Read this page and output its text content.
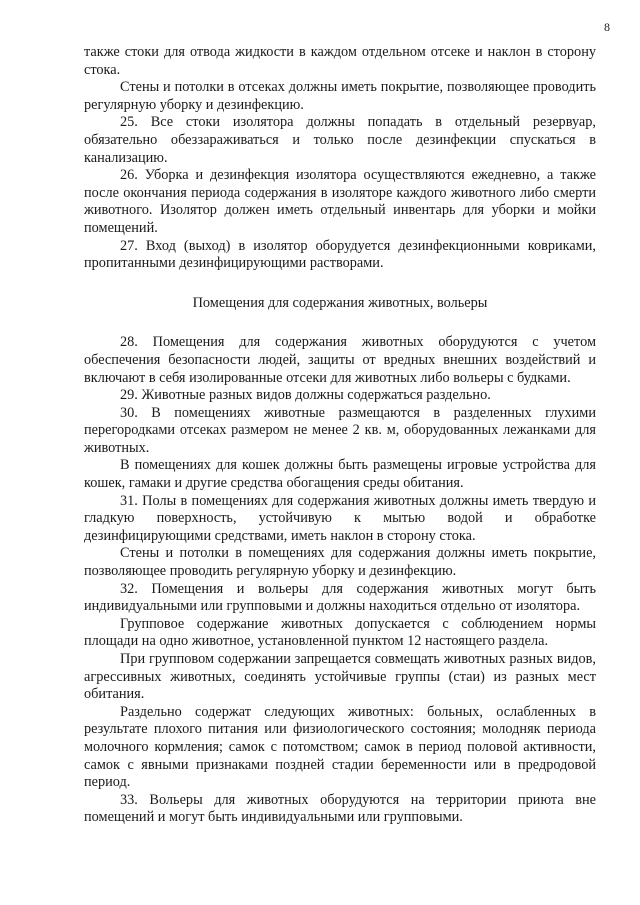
8

также стоки для отвода жидкости в каждом отдельном отсеке и наклон в сторону стока.

Стены и потолки в отсеках должны иметь покрытие, позволяющее проводить регулярную уборку и дезинфекцию.

25. Все стоки изолятора должны попадать в отдельный резервуар, обязательно обеззараживаться и только после дезинфекции спускаться в канализацию.

26. Уборка и дезинфекция изолятора осуществляются ежедневно, а также после окончания периода содержания в изоляторе каждого животного либо смерти животного. Изолятор должен иметь отдельный инвентарь для уборки и мойки помещений.

27. Вход (выход) в изолятор оборудуется дезинфекционными ковриками, пропитанными дезинфицирующими растворами.

Помещения для содержания животных, вольеры

28. Помещения для содержания животных оборудуются с учетом обеспечения безопасности людей, защиты от вредных внешних воздействий и включают в себя изолированные отсеки для животных либо вольеры с будками.

29. Животные разных видов должны содержаться раздельно.

30. В помещениях животные размещаются в разделенных глухими перегородками отсеках размером не менее 2 кв. м, оборудованных лежанками для животных.

В помещениях для кошек должны быть размещены игровые устройства для кошек, гамаки и другие средства обогащения среды обитания.

31. Полы в помещениях для содержания животных должны иметь твердую и гладкую поверхность, устойчивую к мытью водой и обработке дезинфицирующими средствами, иметь наклон в сторону стока.

Стены и потолки в помещениях для содержания должны иметь покрытие, позволяющее проводить регулярную уборку и дезинфекцию.

32. Помещения и вольеры для содержания животных могут быть индивидуальными или групповыми и должны находиться отдельно от изолятора.

Групповое содержание животных допускается с соблюдением нормы площади на одно животное, установленной пунктом 12 настоящего раздела.

При групповом содержании запрещается совмещать животных разных видов, агрессивных животных, соединять устойчивые группы (стаи) из разных мест обитания.

Раздельно содержат следующих животных: больных, ослабленных в результате плохого питания или физиологического состояния; молодняк периода молочного кормления; самок с потомством; самок в период половой активности, самок с явными признаками поздней стадии беременности или в предродовой период.

33. Вольеры для животных оборудуются на территории приюта вне помещений и могут быть индивидуальными или групповыми.
